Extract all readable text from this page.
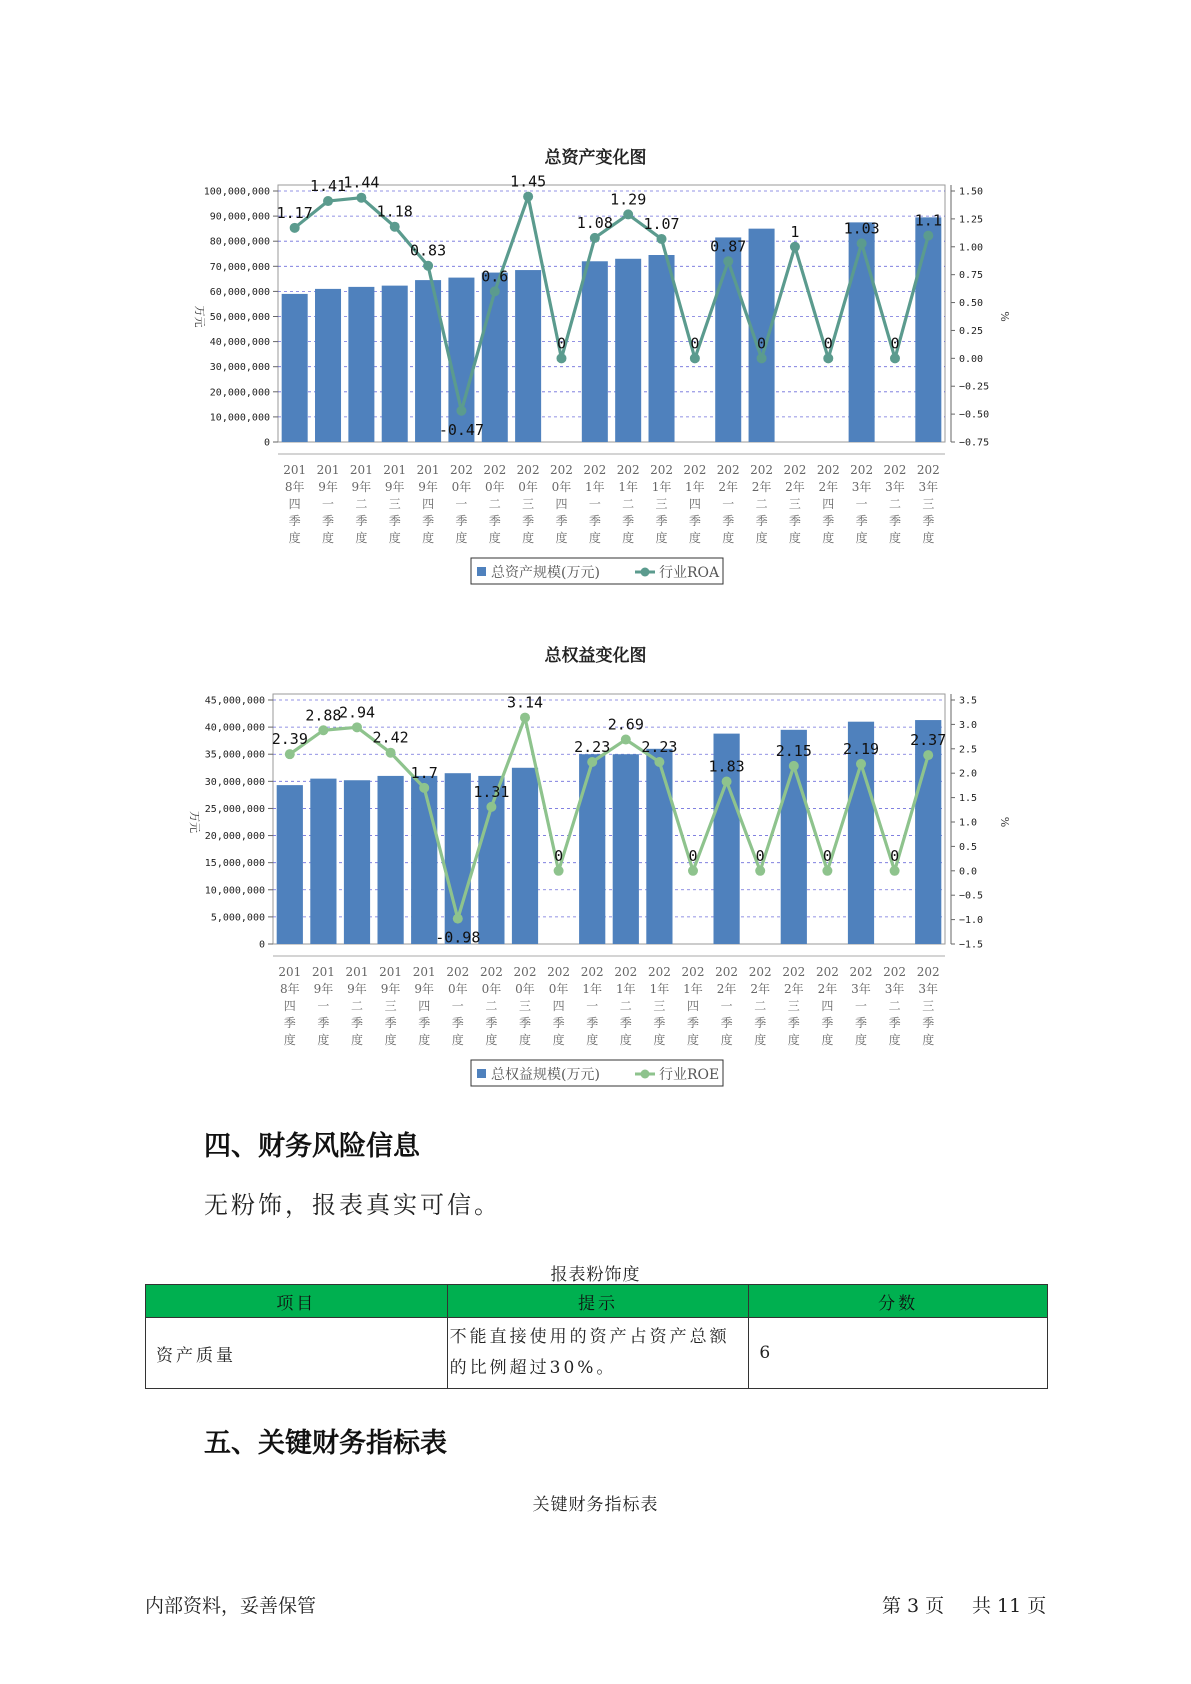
总资产变化图
0
10,000,000
20,000,000
30,000,000
40,000,000
50,000,000
60,000,000
70,000,000
80,000,000
90,000,000
100,000,000
−0.75
−0.50
−0.25
0.00
0.25
0.50
0.75
1.00
1.25
1.50
万元	%
1.17
1.41
1.44
1.18
0.83
-0.47
0.6
1.45
0
1.08
1.29
1.07
0
0.87
0
1
0
1.03
0
1.1
201 8年四季度
201 9年一季度
201 9年二季度
201 9年三季度
201 9年四季度
202 0年一季度
202 0年二季度
202 0年三季度
202 0年四季度
202 1年一季度
202 1年二季度
202 1年三季度
202 1年四季度
202 2年一季度
202 2年二季度
202 2年三季度
202 2年四季度
202 3年一季度
202 3年二季度
202 3年三季度
总资产规模(万元)	行业ROA
总权益变化图
0
5,000,000
10,000,000
15,000,000
20,000,000
25,000,000
30,000,000
35,000,000
40,000,000
45,000,000
−1.5
−1.0
−0.5
0.0
0.5
1.0
1.5
2.0
2.5
3.0
3.5
万元	%
2.39
2.88
2.94
2.42
1.7
-0.98
1.31
3.14
0
2.23
2.69
2.23
0
1.83
0
2.15
0
2.19
0
2.37
201 8年四季度
201 9年一季度
201 9年二季度
201 9年三季度
201 9年四季度
202 0年一季度
202 0年二季度
202 0年三季度
202 0年四季度
202 1年一季度
202 1年二季度
202 1年三季度
202 1年四季度
202 2年一季度
202 2年二季度
202 2年三季度
202 2年四季度
202 3年一季度
202 3年二季度
202 3年三季度
总权益规模(万元)	行业ROE
四、财务风险信息
无粉饰，报表真实可信。
报表粉饰度
项目	提示	分数
资产质量	不能直接使用的资产占资产总额的比例超过30%。	6
五、关键财务指标表
关键财务指标表
内部资料，妥善保管	第 3 页 共 11 页
